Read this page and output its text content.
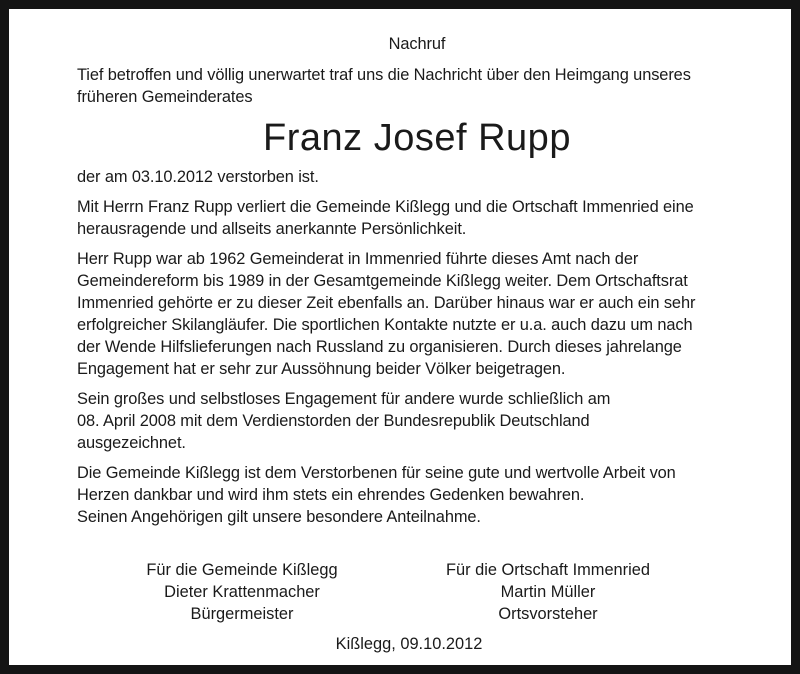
Nachruf
Tief betroffen und völlig unerwartet traf uns die Nachricht über den Heimgang unseres
früheren Gemeinderates
Franz Josef Rupp
der am 03.10.2012 verstorben ist.
Mit Herrn Franz Rupp verliert die Gemeinde Kißlegg und die Ortschaft Immenried eine
herausragende und allseits anerkannte Persönlichkeit.
Herr Rupp war ab 1962 Gemeinderat in Immenried führte dieses Amt nach der
Gemeindereform bis 1989 in der Gesamtgemeinde Kißlegg weiter. Dem Ortschaftsrat
Immenried gehörte er zu dieser Zeit ebenfalls an. Darüber hinaus war er auch ein sehr
erfolgreicher Skilangläufer. Die sportlichen Kontakte nutzte er u.a. auch dazu um nach
der Wende Hilfslieferungen nach Russland zu organisieren. Durch dieses jahrelange
Engagement hat er sehr zur Aussöhnung beider Völker beigetragen.
Sein großes und selbstloses Engagement für andere wurde schließlich am
08. April 2008 mit dem Verdienstorden der Bundesrepublik Deutschland
ausgezeichnet.
Die Gemeinde Kißlegg ist dem Verstorbenen für seine gute und wertvolle Arbeit von
Herzen dankbar und wird ihm stets ein ehrendes Gedenken bewahren.
Seinen Angehörigen gilt unsere besondere Anteilnahme.
Für die Gemeinde Kißlegg
Dieter Krattenmacher
Bürgermeister
Für die Ortschaft Immenried
Martin Müller
Ortsvorsteher
Kißlegg, 09.10.2012
